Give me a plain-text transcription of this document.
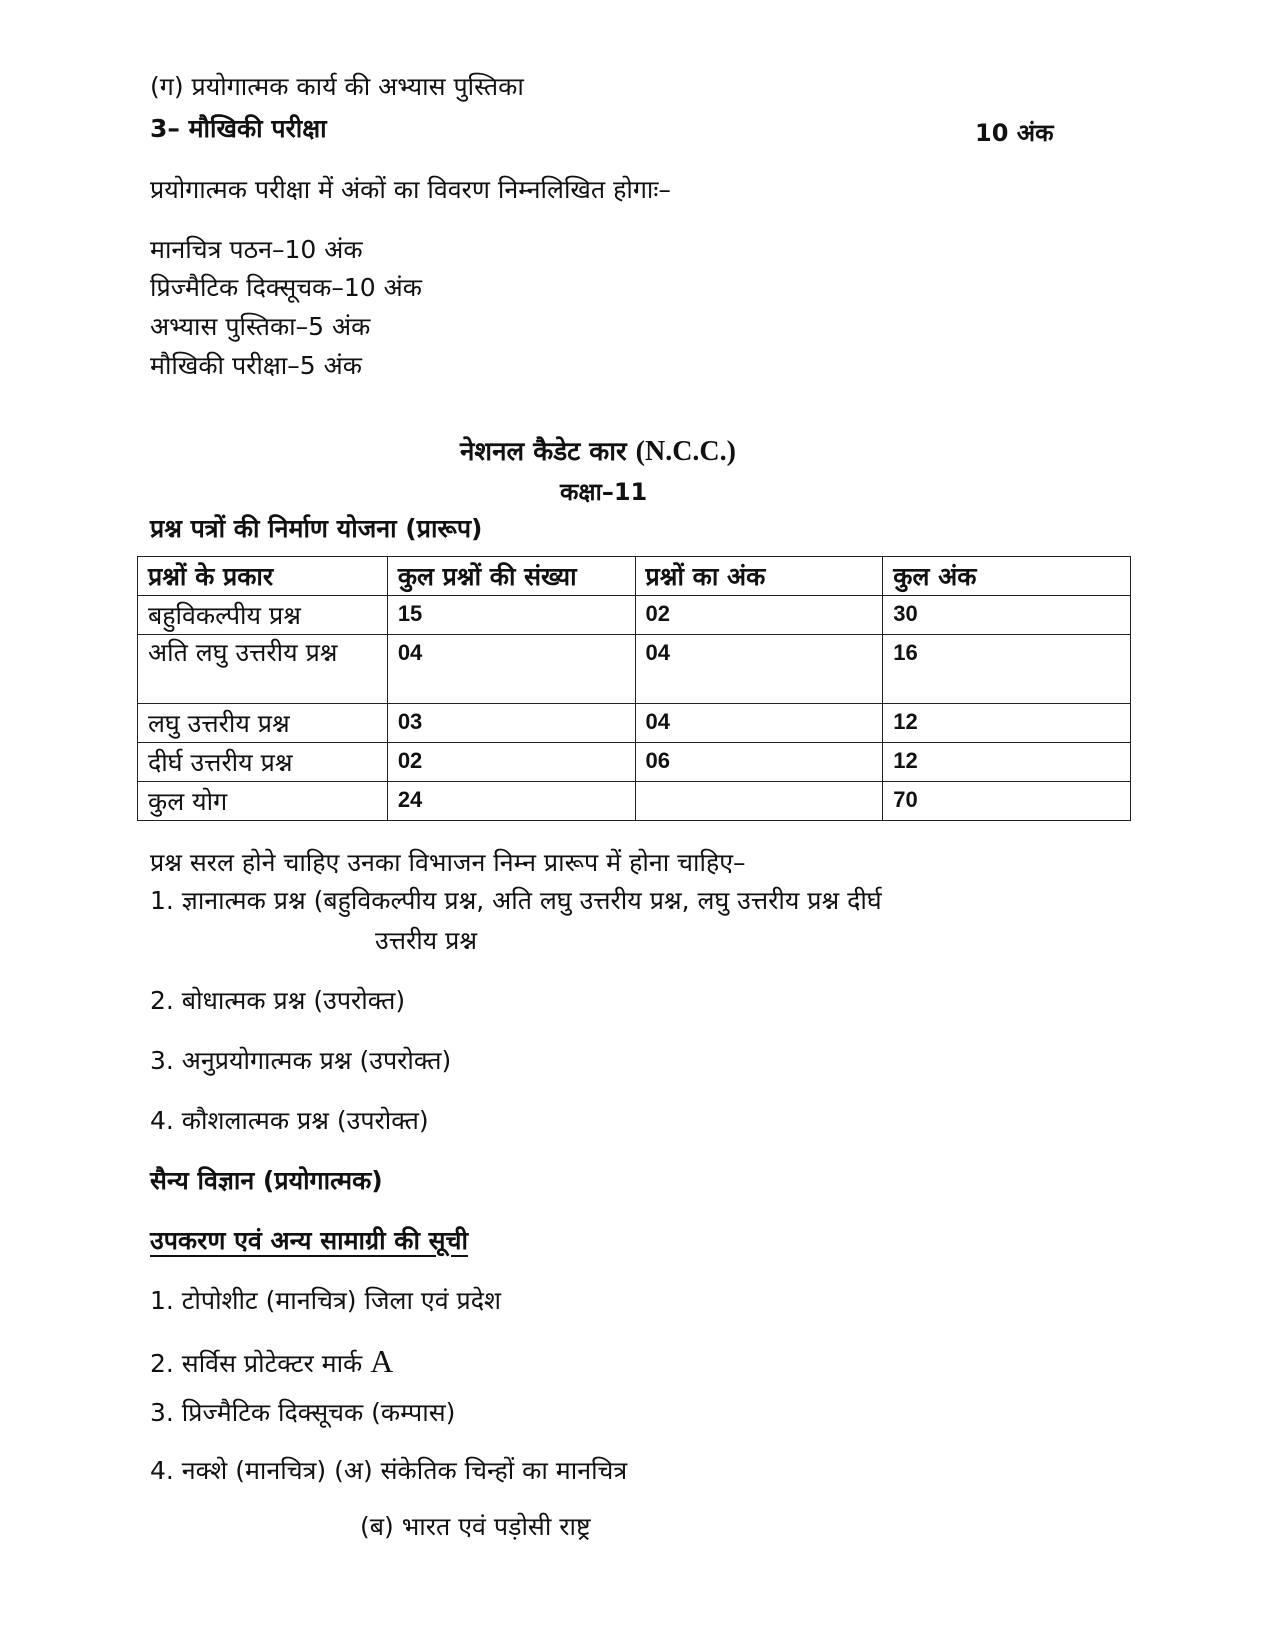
(ग) प्रयोगात्मक कार्य की अभ्यास पुस्तिका
3– मौखिकी परीक्षा	10 अंक
प्रयोगात्मक परीक्षा में अंकों का विवरण निम्नलिखित होगाः–
मानचित्र पठन–10 अंक
प्रिज्मैटिक दिक्सूचक–10 अंक
अभ्यास पुस्तिका–5 अंक
मौखिकी परीक्षा–5 अंक
नेशनल कैडेट कार (N.C.C.)
कक्षा–11
प्रश्न पत्रों की निर्माण योजना (प्रारूप)
प्रश्नों के प्रकार	कुल प्रश्नों की संख्या	प्रश्नों का अंक	कुल अंक
बहुविकल्पीय प्रश्न	15	02	30
अति लघु उत्तरीय प्रश्न	04	04	16
लघु उत्तरीय प्रश्न	03	04	12
दीर्घ उत्तरीय प्रश्न	02	06	12
कुल योग	24		70
प्रश्न सरल होने चाहिए उनका विभाजन निम्न प्रारूप में होना चाहिए–
1. ज्ञानात्मक प्रश्न (बहुविकल्पीय प्रश्न, अति लघु उत्तरीय प्रश्न, लघु उत्तरीय प्रश्न दीर्घ
उत्तरीय प्रश्न
2. बोधात्मक प्रश्न (उपरोक्त)
3. अनुप्रयोगात्मक प्रश्न (उपरोक्त)
4. कौशलात्मक प्रश्न (उपरोक्त)
सैन्य विज्ञान (प्रयोगात्मक)
उपकरण एवं अन्य सामाग्री की सूची
1. टोपोशीट (मानचित्र) जिला एवं प्रदेश
2. सर्विस प्रोटेक्टर मार्क A
3. प्रिज्मैटिक दिक्सूचक (कम्पास)
4. नक्शे (मानचित्र) (अ) संकेतिक चिन्हों का मानचित्र
(ब) भारत एवं पड़ोसी राष्ट्र
